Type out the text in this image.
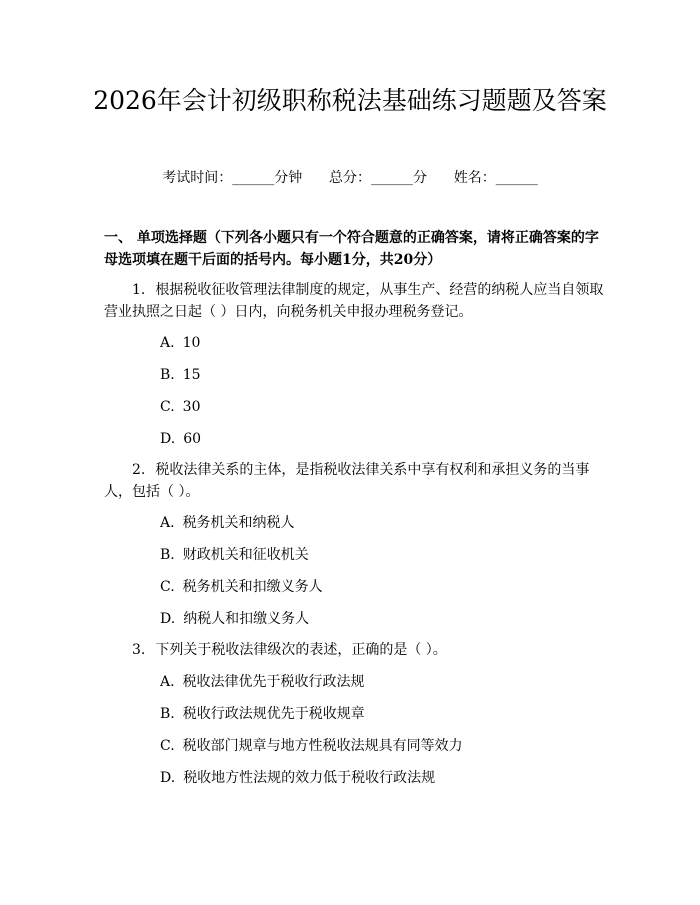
2026年会计初级职称税法基础练习题题及答案
考试时间：______分钟      总分：______分      姓名：______
一、 单项选择题（下列各小题只有一个符合题意的正确答案，请将正确答案的字母选项填在题干后面的括号内。每小题1分，共20分）
1. 根据税收征收管理法律制度的规定，从事生产、经营的纳税人应当自领取营业执照之日起（ ）日内，向税务机关申报办理税务登记。
A. 10
B. 15
C. 30
D. 60
2. 税收法律关系的主体，是指税收法律关系中享有权利和承担义务的当事人，包括（ ）。
A. 税务机关和纳税人
B. 财政机关和征收机关
C. 税务机关和扣缴义务人
D. 纳税人和扣缴义务人
3. 下列关于税收法律级次的表述，正确的是（ ）。
A. 税收法律优先于税收行政法规
B. 税收行政法规优先于税收规章
C. 税收部门规章与地方性税收法规具有同等效力
D. 税收地方性法规的效力低于税收行政法规
